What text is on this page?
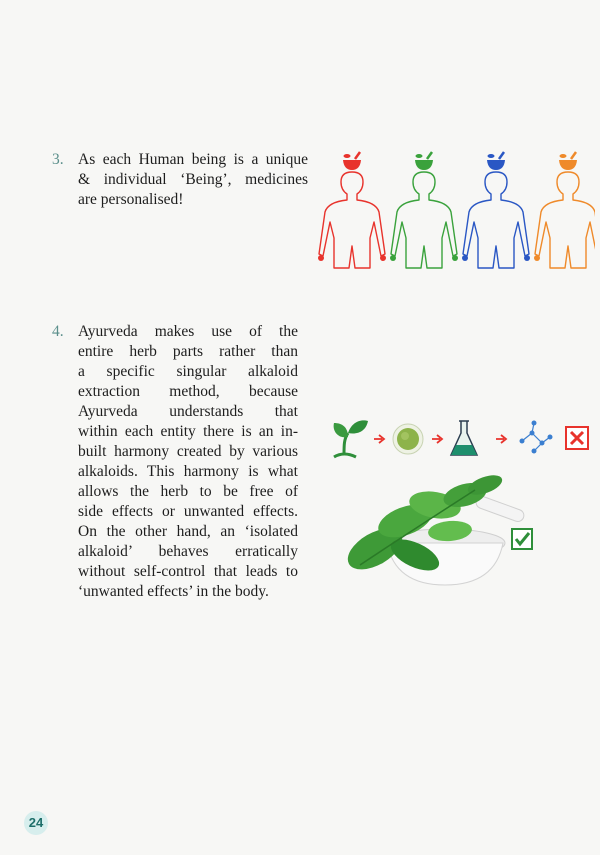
3. As each Human being is a unique
& individual ‘Being’, medicines
are personalised!
4. Ayurveda makes use of the
entire herb parts rather than
a specific singular alkaloid
extraction method, because
Ayurveda understands that
within each entity there is an in-
built harmony created by various
alkaloids. This harmony is what
allows the herb to be free of
side effects or unwanted effects.
On the other hand, an ‘isolated
alkaloid’ behaves erratically
without self-control that leads to
‘unwanted effects’ in the body.
24
